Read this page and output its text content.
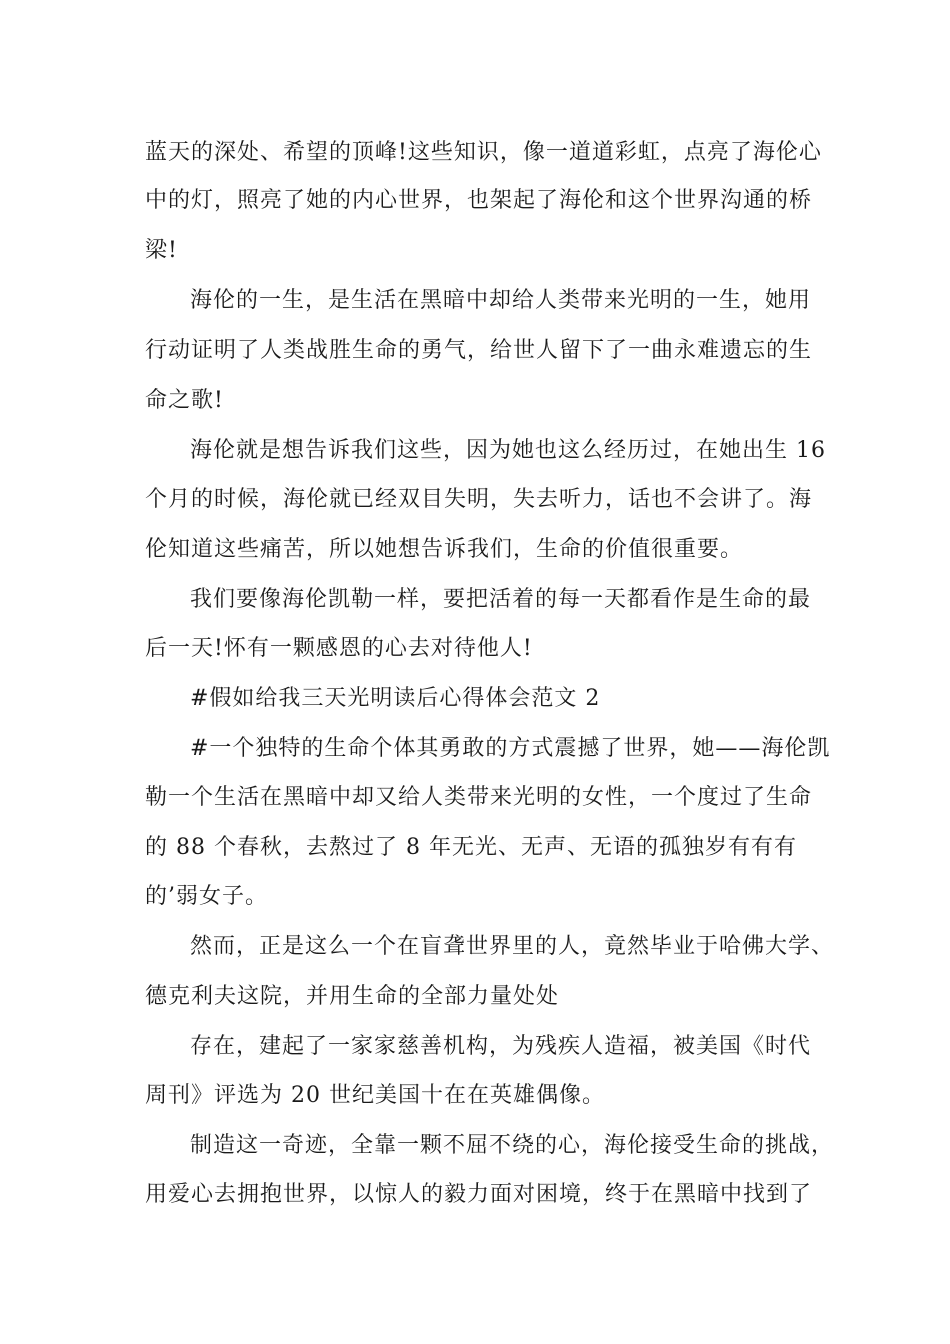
蓝天的深处、希望的顶峰!这些知识，像一道道彩虹，点亮了海伦心

中的灯，照亮了她的内心世界，也架起了海伦和这个世界沟通的桥

梁!

海伦的一生，是生活在黑暗中却给人类带来光明的一生，她用

行动证明了人类战胜生命的勇气，给世人留下了一曲永难遗忘的生

命之歌!

海伦就是想告诉我们这些，因为她也这么经历过，在她出生 16

个月的时候，海伦就已经双目失明，失去听力，话也不会讲了。海

伦知道这些痛苦，所以她想告诉我们，生命的价值很重要。

我们要像海伦凯勒一样，要把活着的每一天都看作是生命的最

后一天!怀有一颗感恩的心去对待他人!

#假如给我三天光明读后心得体会范文 2

#一个独特的生命个体其勇敢的方式震撼了世界，她——海伦凯

勒一个生活在黑暗中却又给人类带来光明的女性，一个度过了生命

的 88 个春秋，去熬过了 8 年无光、无声、无语的孤独岁有有有

的’弱女子。

然而，正是这么一个在盲聋世界里的人，竟然毕业于哈佛大学、

德克利夫这院，并用生命的全部力量处处

存在，建起了一家家慈善机构，为残疾人造福，被美国《时代

周刊》评选为 20 世纪美国十在在英雄偶像。

制造这一奇迹，全靠一颗不屈不绕的心，海伦接受生命的挑战，

用爱心去拥抱世界，以惊人的毅力面对困境，终于在黑暗中找到了
